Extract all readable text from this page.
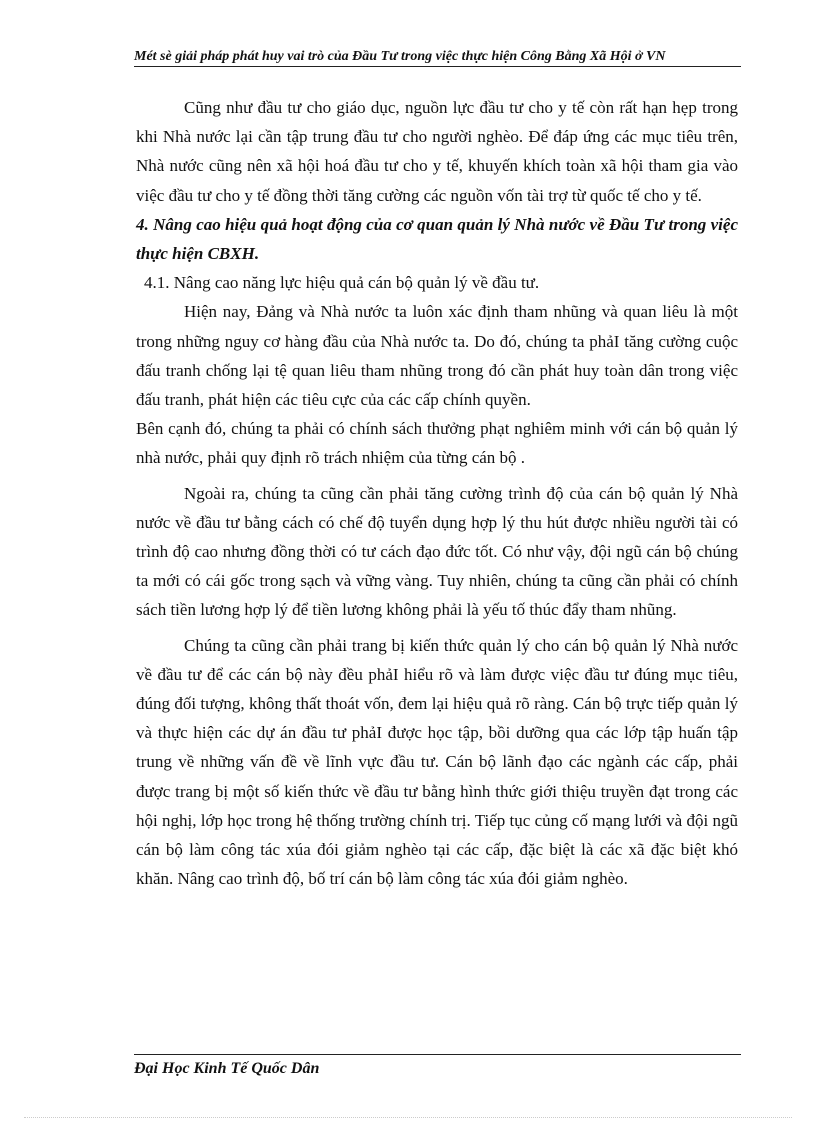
Mét sè giải pháp phát huy vai trò của Đầu Tư trong việc thực hiện Công Bằng Xã Hội ở VN

Cũng như đầu tư cho giáo dục, nguồn lực đầu tư cho y tế còn rất hạn hẹp trong khi Nhà nước lại cần tập trung đầu tư cho người nghèo. Để đáp ứng các mục tiêu trên, Nhà nước cũng nên xã hội hoá đầu tư cho y tế, khuyến khích toàn xã hội tham gia vào việc đầu tư cho y tế đồng thời tăng cường các nguồn vốn tài trợ từ quốc tế cho y tế.

4. Nâng cao hiệu quả hoạt động của cơ quan quản lý Nhà nước về Đầu Tư trong việc thực hiện CBXH.

4.1. Nâng cao năng lực hiệu quả cán bộ quản lý về đầu tư.

Hiện nay, Đảng và Nhà nước ta luôn xác định tham nhũng và quan liêu là một trong những nguy cơ hàng đầu của Nhà nước ta. Do đó, chúng ta phảI tăng cường cuộc đấu tranh chống lại tệ quan liêu tham nhũng trong đó cần phát huy toàn dân trong việc đấu tranh, phát hiện các tiêu cực của các cấp chính quyền.

Bên cạnh đó, chúng ta phải có chính sách thưởng phạt nghiêm minh với cán bộ quản lý nhà nước, phải quy định rõ trách nhiệm của từng cán bộ .

Ngoài ra, chúng ta cũng cần phải tăng cường trình độ của cán bộ quản lý Nhà nước về đầu tư bằng cách có chế độ tuyển dụng hợp lý thu hút được nhiều người tài có trình độ cao nhưng đồng thời có tư cách đạo đức tốt. Có như vậy, đội ngũ cán bộ chúng ta mới có cái gốc trong sạch và vững vàng. Tuy nhiên, chúng ta cũng cần phải có chính sách tiền lương hợp lý để tiền lương không phải là yếu tố thúc đẩy tham nhũng.

Chúng ta cũng cần phải trang bị kiến thức quản lý cho cán bộ quản lý Nhà nước về đầu tư để các cán bộ này đều phảI hiểu rõ và làm được việc đầu tư đúng mục tiêu, đúng đối tượng, không thất thoát vốn, đem lại hiệu quả rõ ràng. Cán bộ trực tiếp quản lý và thực hiện các dự án đầu tư phảI được học tập, bồi dưỡng qua các lớp tập huấn tập trung về những vấn đề về lĩnh vực đầu tư. Cán bộ lãnh đạo các ngành các cấp, phải được trang bị một số kiến thức về đầu tư bằng hình thức giới thiệu truyền đạt trong các hội nghị, lớp học trong hệ thống trường chính trị. Tiếp tục củng cố mạng lưới và đội ngũ cán bộ làm công tác xúa đói giảm nghèo tại các cấp, đặc biệt là các xã đặc biệt khó khăn. Nâng cao trình độ, bố trí cán bộ làm công tác xúa đói giảm nghèo.

Đại Học Kinh Tế Quốc Dân
